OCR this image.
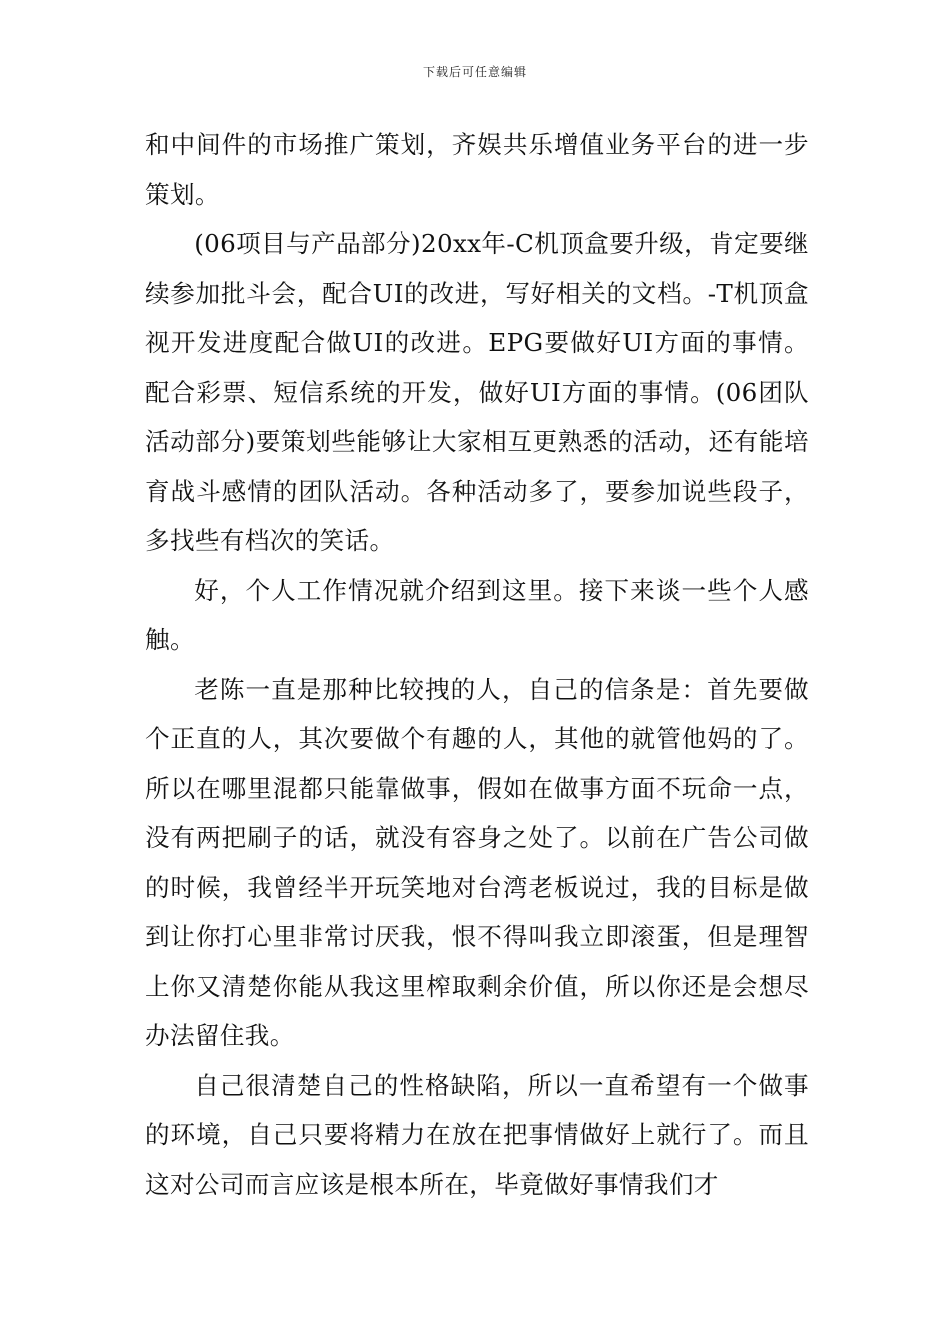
下载后可任意编辑

和中间件的市场推广策划，齐娱共乐增值业务平台的进一步策划。

(06项目与产品部分)20xx年-C机顶盒要升级，肯定要继续参加批斗会，配合UI的改进，写好相关的文档。-T机顶盒视开发进度配合做UI的改进。EPG要做好UI方面的事情。配合彩票、短信系统的开发，做好UI方面的事情。(06团队活动部分)要策划些能够让大家相互更熟悉的活动，还有能培育战斗感情的团队活动。各种活动多了，要参加说些段子，多找些有档次的笑话。

好，个人工作情况就介绍到这里。接下来谈一些个人感触。

老陈一直是那种比较拽的人，自己的信条是：首先要做个正直的人，其次要做个有趣的人，其他的就管他妈的了。所以在哪里混都只能靠做事，假如在做事方面不玩命一点，没有两把刷子的话，就没有容身之处了。以前在广告公司做的时候，我曾经半开玩笑地对台湾老板说过，我的目标是做到让你打心里非常讨厌我，恨不得叫我立即滚蛋，但是理智上你又清楚你能从我这里榨取剩余价值，所以你还是会想尽办法留住我。

自己很清楚自己的性格缺陷，所以一直希望有一个做事的环境，自己只要将精力在放在把事情做好上就行了。而且这对公司而言应该是根本所在，毕竟做好事情我们才
